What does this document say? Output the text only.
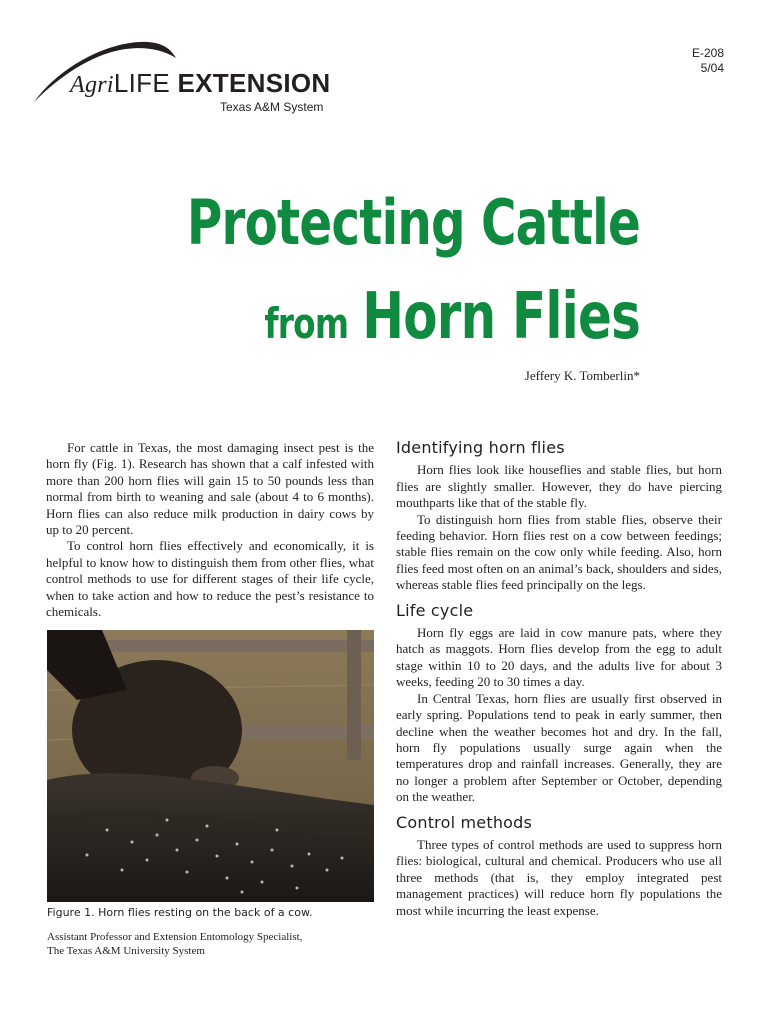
AgriLIFE EXTENSION
Texas A&M System
E-208
5/04
Protecting Cattle
from Horn Flies
Jeffery K. Tomberlin*

For cattle in Texas, the most damaging insect pest is the horn fly (Fig. 1). Research has shown that a calf infested with more than 200 horn flies will gain 15 to 50 pounds less than normal from birth to weaning and sale (about 4 to 6 months). Horn flies can also reduce milk production in dairy cows by up to 20 percent.

To control horn flies effectively and economically, it is helpful to know how to distinguish them from other flies, what control methods to use for different stages of their life cycle, when to take action and how to reduce the pest’s resistance to chemicals.

Figure 1. Horn flies resting on the back of a cow.
Assistant Professor and Extension Entomology Specialist,
The Texas A&M University System
Identifying horn flies

Horn flies look like houseflies and stable flies, but horn flies are slightly smaller. However, they do have piercing mouthparts like that of the stable fly.

To distinguish horn flies from stable flies, observe their feeding behavior. Horn flies rest on a cow between feedings; stable flies remain on the cow only while feeding. Also, horn flies feed most often on an animal’s back, shoulders and sides, whereas stable flies feed principally on the legs.

Life cycle

Horn fly eggs are laid in cow manure pats, where they hatch as maggots. Horn flies develop from the egg to adult stage within 10 to 20 days, and the adults live for about 3 weeks, feeding 20 to 30 times a day.

In Central Texas, horn flies are usually first observed in early spring. Populations tend to peak in early summer, then decline when the weather becomes hot and dry. In the fall, horn fly populations usually surge again when the temperatures drop and rainfall increases. Generally, they are no longer a problem after September or October, depending on the weather.

Control methods

Three types of control methods are used to suppress horn flies: biological, cultural and chemical. Producers who use all three methods (that is, they employ integrated pest management practices) will reduce horn fly populations the most while incurring the least expense.
